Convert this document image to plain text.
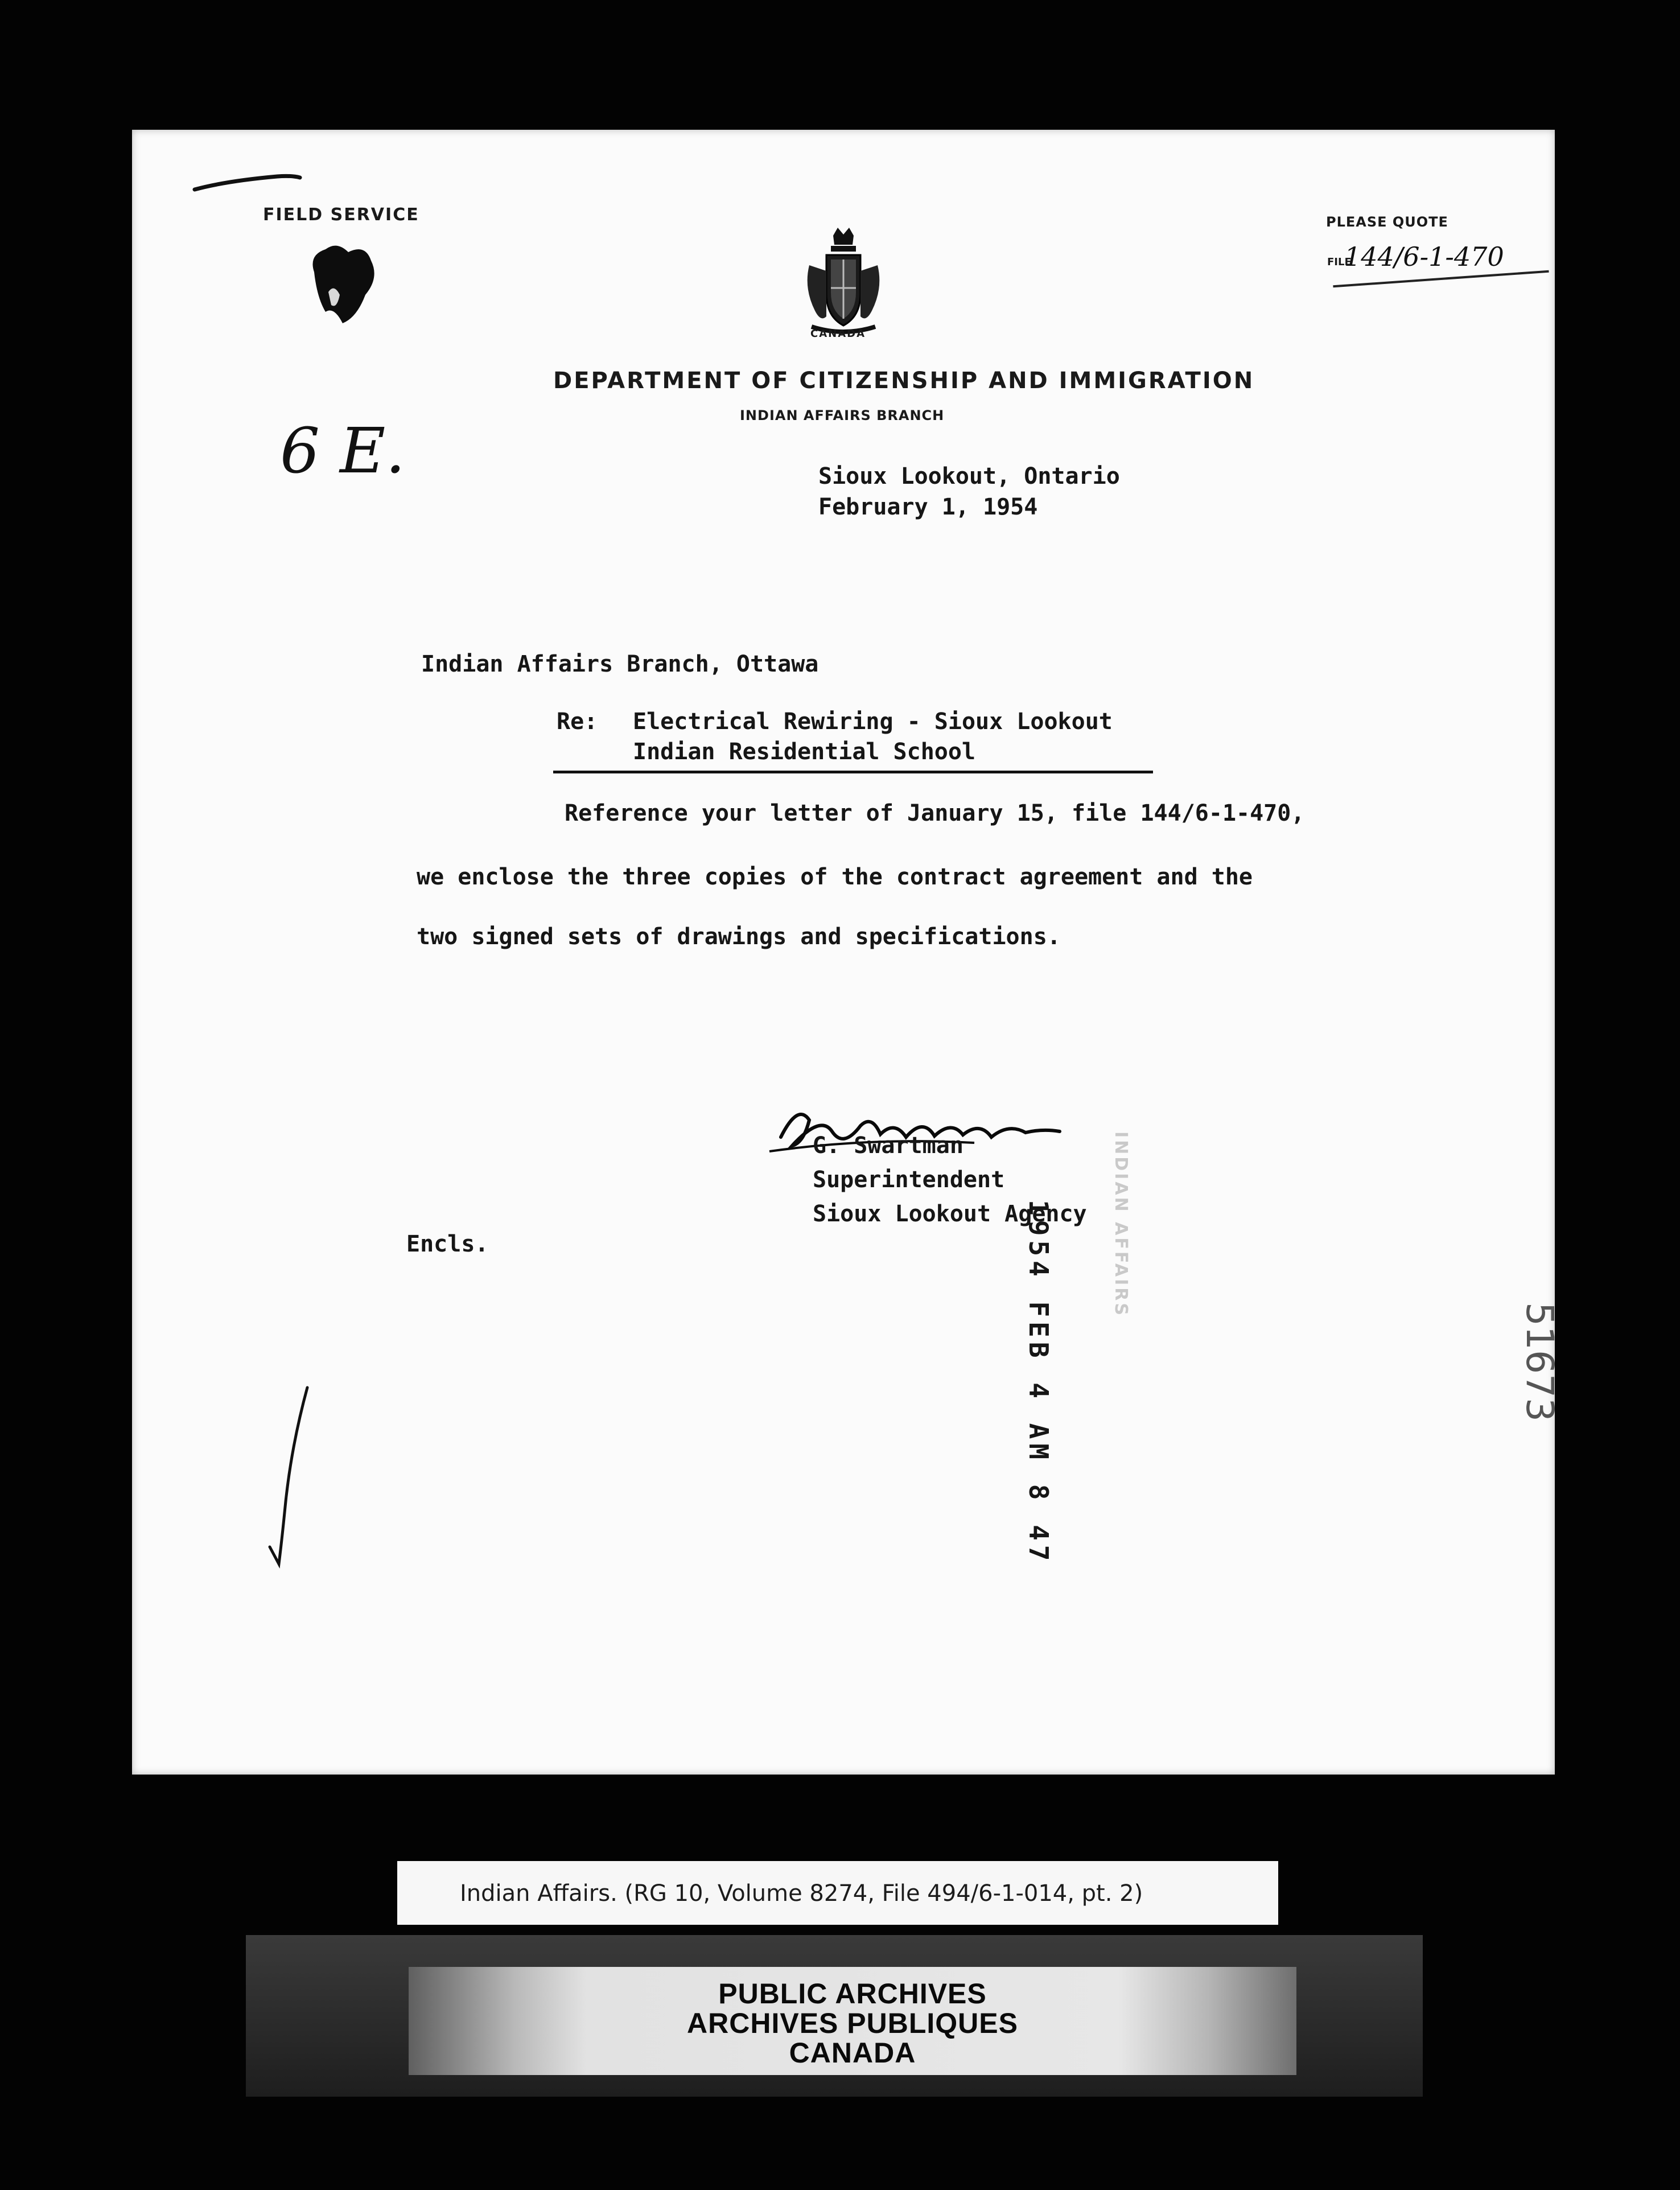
FIELD SERVICE
CANADA
PLEASE QUOTE
FILE
144/6-1-470
DEPARTMENT OF CITIZENSHIP AND IMMIGRATION
INDIAN AFFAIRS BRANCH
6 E.	Sioux Lookout, Ontario
February 1, 1954
Indian Affairs Branch, Ottawa
Re: Electrical Rewiring - Sioux Lookout
Indian Residential School
Reference your letter of January 15, file 144/6-1-470,
we enclose the three copies of the contract agreement and the
two signed sets of drawings and specifications.
G. Swartman
Superintendent
Sioux Lookout Agency
Encls.	INDIAN AFFAIRS
1954 FEB 4 AM 8 47	51673
Indian Affairs. (RG 10, Volume 8274, File 494/6-1-014, pt. 2)
PUBLIC ARCHIVES
ARCHIVES PUBLIQUES
CANADA
